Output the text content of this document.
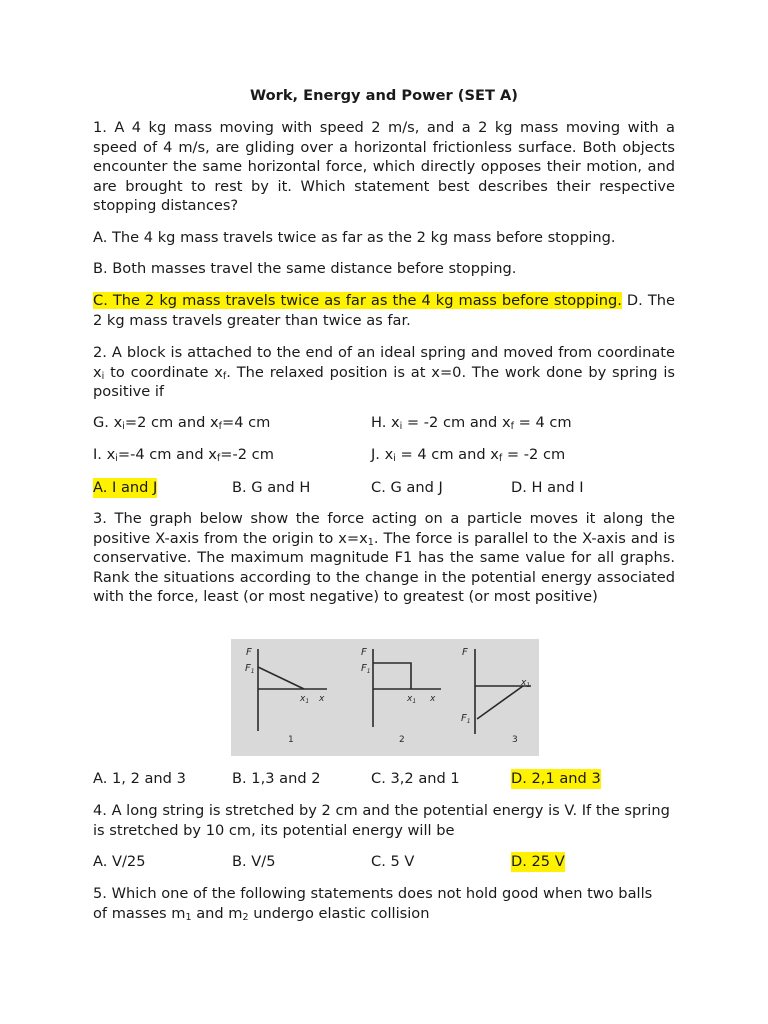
Work, Energy and Power (SET A)
1. A 4 kg mass moving with speed 2 m/s, and a 2 kg mass moving with a speed of 4 m/s, are gliding over a horizontal frictionless surface. Both objects encounter the same horizontal force, which directly opposes their motion, and are brought to rest by it. Which statement best describes their respective stopping distances?
A. The 4 kg mass travels twice as far as the 2 kg mass before stopping.
B. Both masses travel the same distance before stopping.
C. The 2 kg mass travels twice as far as the 4 kg mass before stopping. D. The 2 kg mass travels greater than twice as far.
2. A block is attached to the end of an ideal spring and moved from coordinate $x_i$ to coordinate $x_f$. The relaxed position is at x=0. The work done by spring is positive if
G. $x_i=2$ cm and $x_f=4$ cm	H. $x_i = -2$ cm and $x_f = 4$ cm
I. $x_i=-4$ cm and $x_f=-2$ cm	J. $x_i = 4$ cm and $x_f = -2$ cm
A. I and J	B. G and H	C. G and J	D. H and I
3. The graph below show the force acting on a particle moves it along the positive X-axis from the origin to $x=x_1$. The force is parallel to the X-axis and is conservative. The maximum magnitude F1 has the same value for all graphs. Rank the situations according to the change in the potential energy associated with the force, least (or most negative) to greatest (or most positive)
F
$F_1$
$x_1$ x
1
F
$F_1$
$x_1$ x
2
F
$F_1$
$x_1$
3
A. 1, 2 and 3	B. 1,3 and 2	C. 3,2 and 1	D. 2,1 and 3
4. A long string is stretched by 2 cm and the potential energy is V. If the spring is stretched by 10 cm, its potential energy will be
A. V/25	B. V/5	C. 5 V	D. 25 V
5. Which one of the following statements does not hold good when two balls of masses $m_1$ and $m_2$ undergo elastic collision
